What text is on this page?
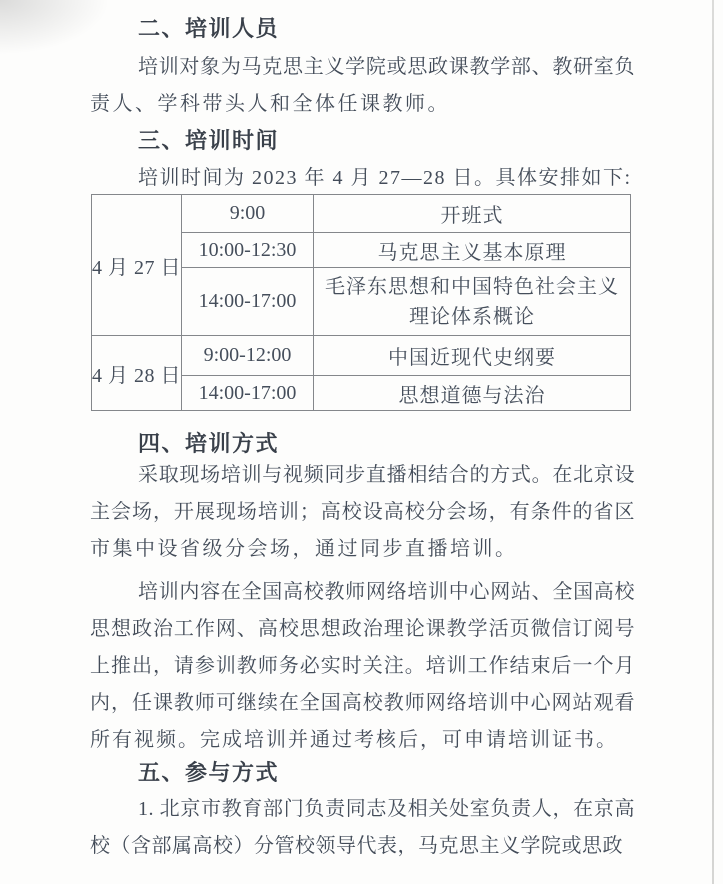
二、培训人员
培训对象为马克思主义学院或思政课教学部、教研室负
责人、学科带头人和全体任课教师。
三、培训时间
培训时间为 2023 年 4 月 27—28 日。具体安排如下:
4 月 27 日	9:00	开班式
	10:00-12:30	马克思主义基本原理
	14:00-17:00	毛泽东思想和中国特色社会主义
理论体系概论

4 月 28 日	9:00-12:00	中国近现代史纲要
	14:00-17:00	思想道德与法治
四、培训方式
采取现场培训与视频同步直播相结合的方式。在北京设
主会场，开展现场培训；高校设高校分会场，有条件的省区
市集中设省级分会场，通过同步直播培训。
培训内容在全国高校教师网络培训中心网站、全国高校
思想政治工作网、高校思想政治理论课教学活页微信订阅号
上推出，请参训教师务必实时关注。培训工作结束后一个月
内，任课教师可继续在全国高校教师网络培训中心网站观看
所有视频。完成培训并通过考核后，可申请培训证书。
五、参与方式
1. 北京市教育部门负责同志及相关处室负责人，在京高
校（含部属高校）分管校领导代表，马克思主义学院或思政
